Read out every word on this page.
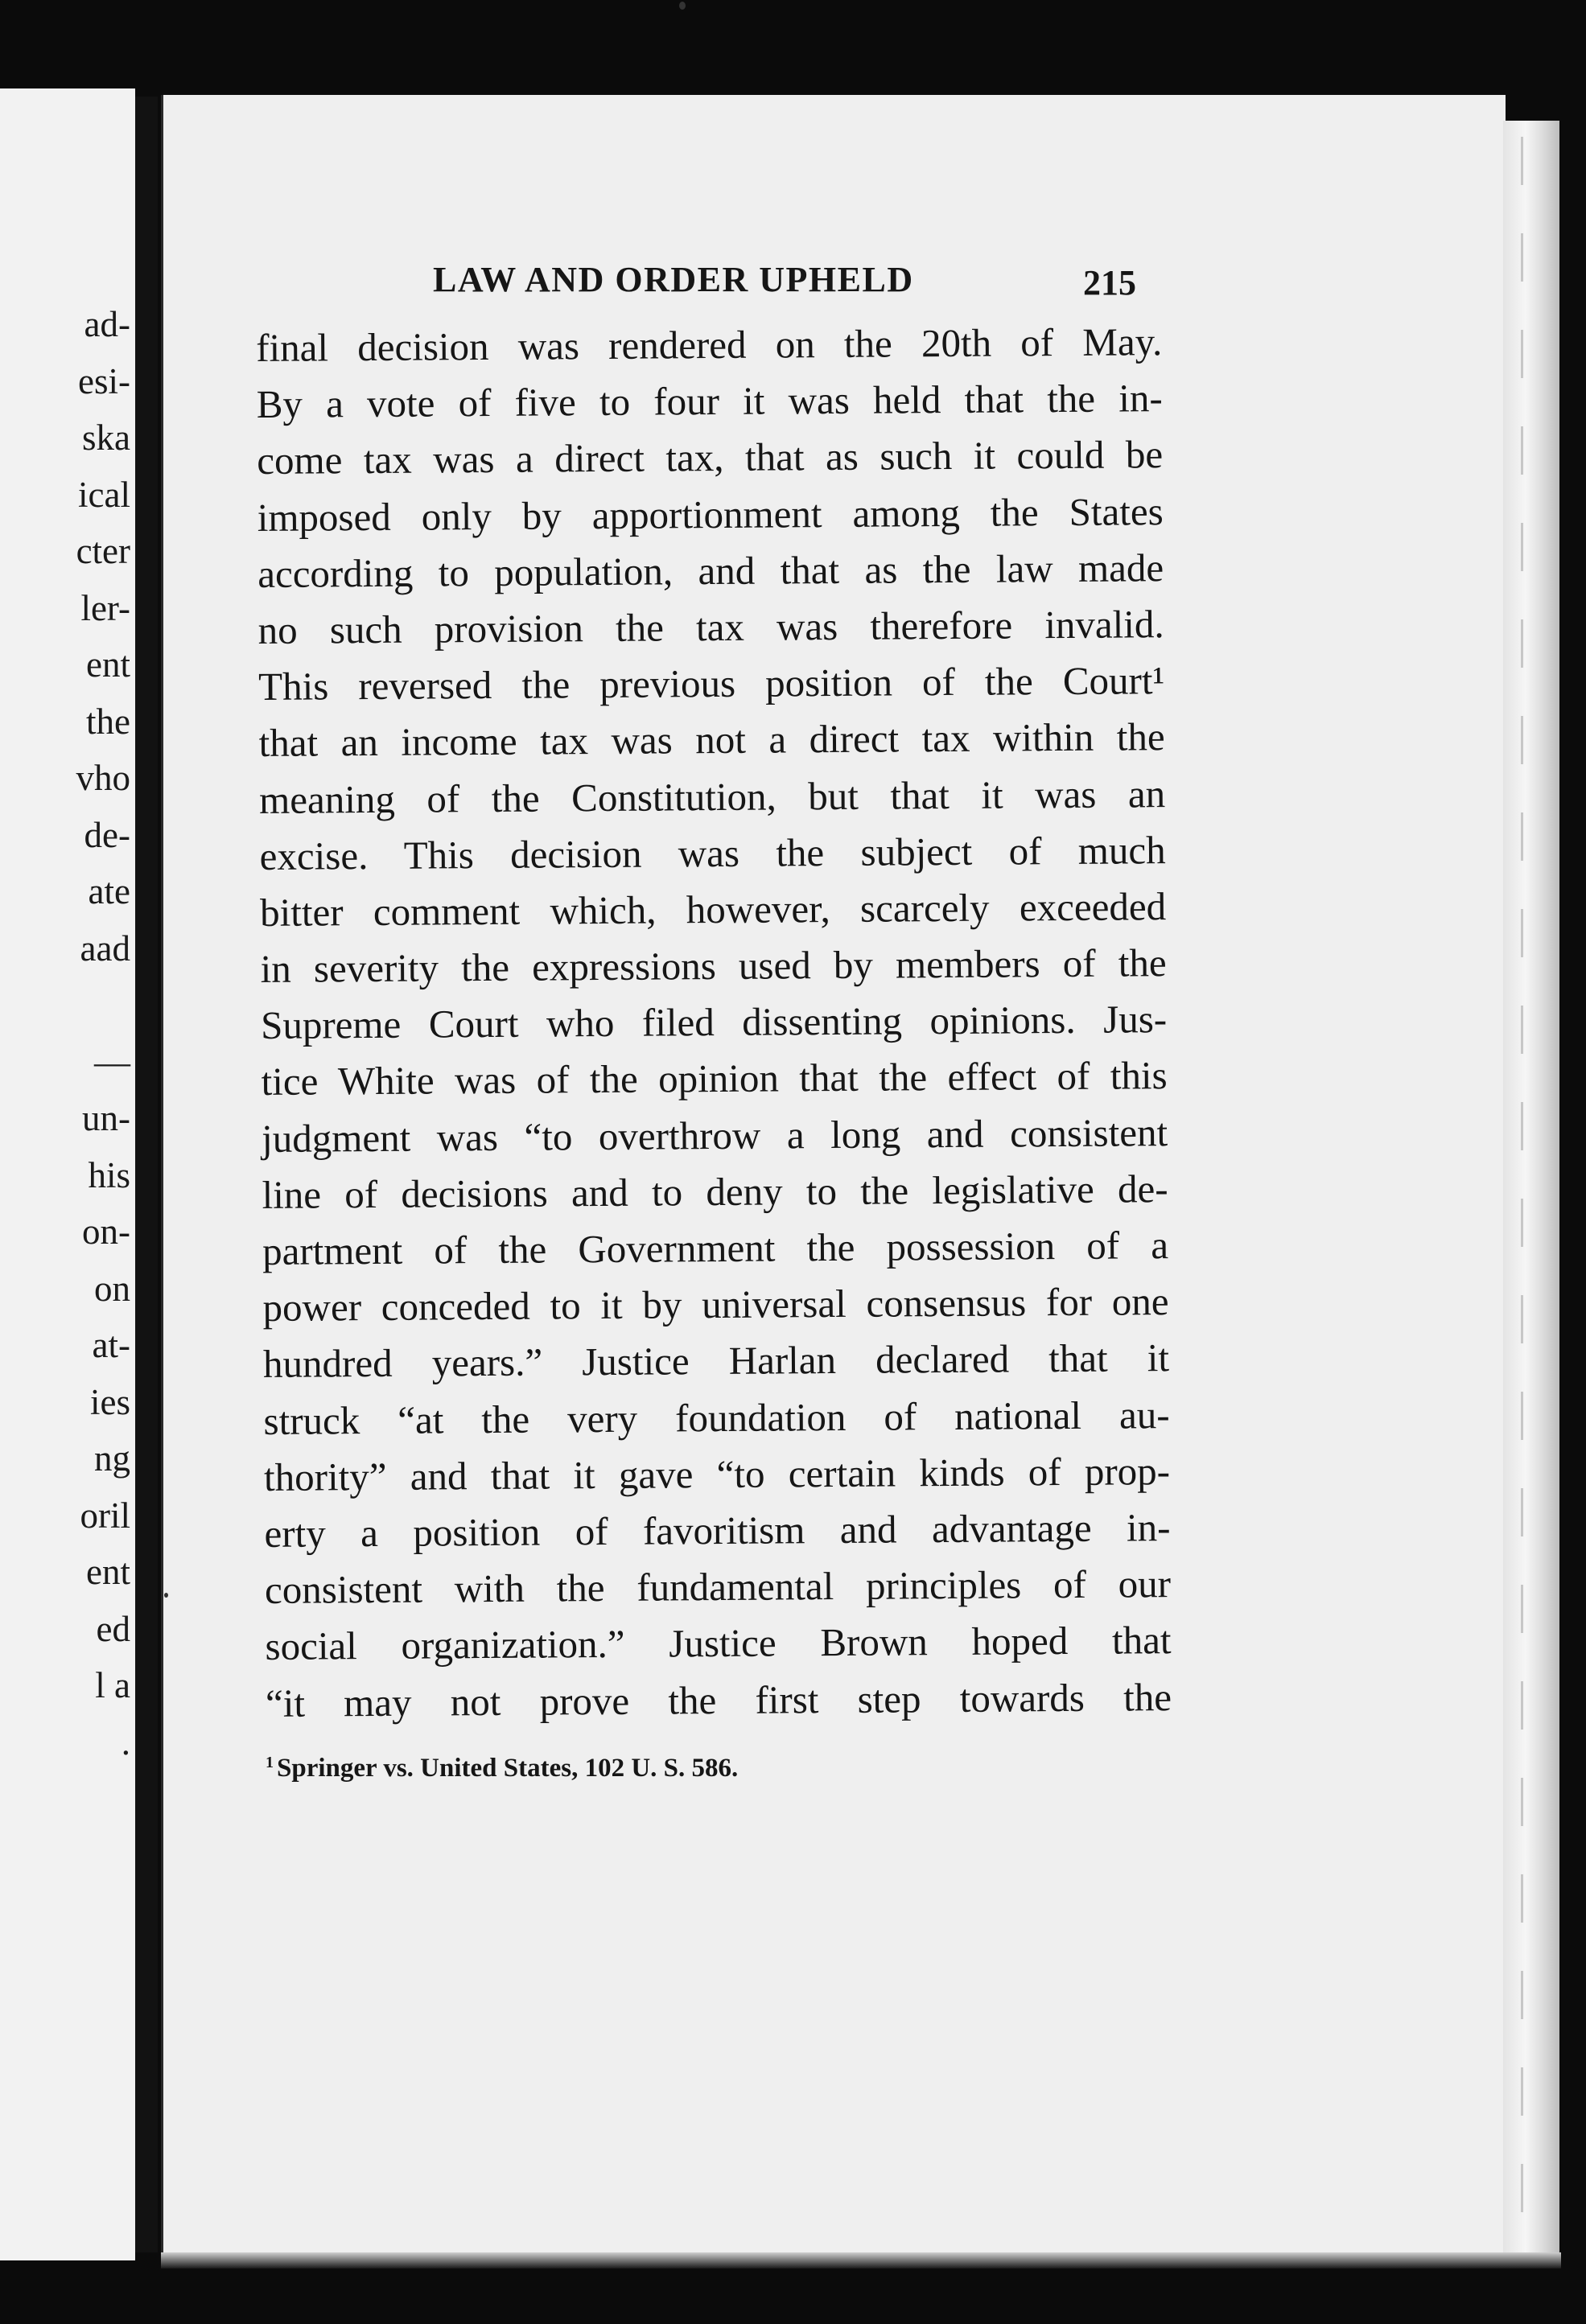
ad-
esi-
ska
ical
cter
ler-
ent
the
vho
de-
ate
aad
—
un-
his
on-
on
at-
ies
ng
oril
ent
ed
l a
.
LAW AND ORDER UPHELD	215
final decision was rendered on the 20th of May.
By a vote of five to four it was held that the in-
come tax was a direct tax, that as such it could be
imposed only by apportionment among the States
according to population, and that as the law made
no such provision the tax was therefore invalid.
This reversed the previous position of the Court¹
that an income tax was not a direct tax within the
meaning of the Constitution, but that it was an
excise. This decision was the subject of much
bitter comment which, however, scarcely exceeded
in severity the expressions used by members of the
Supreme Court who filed dissenting opinions. Jus-
tice White was of the opinion that the effect of this
judgment was “to overthrow a long and consistent
line of decisions and to deny to the legislative de-
partment of the Government the possession of a
power conceded to it by universal consensus for one
hundred years.” Justice Harlan declared that it
struck “at the very foundation of national au-
thority” and that it gave “to certain kinds of prop-
erty a position of favoritism and advantage in-
consistent with the fundamental principles of our
social organization.” Justice Brown hoped that
“it may not prove the first step towards the
$^1$ Springer vs. United States, 102 U. S. 586.
